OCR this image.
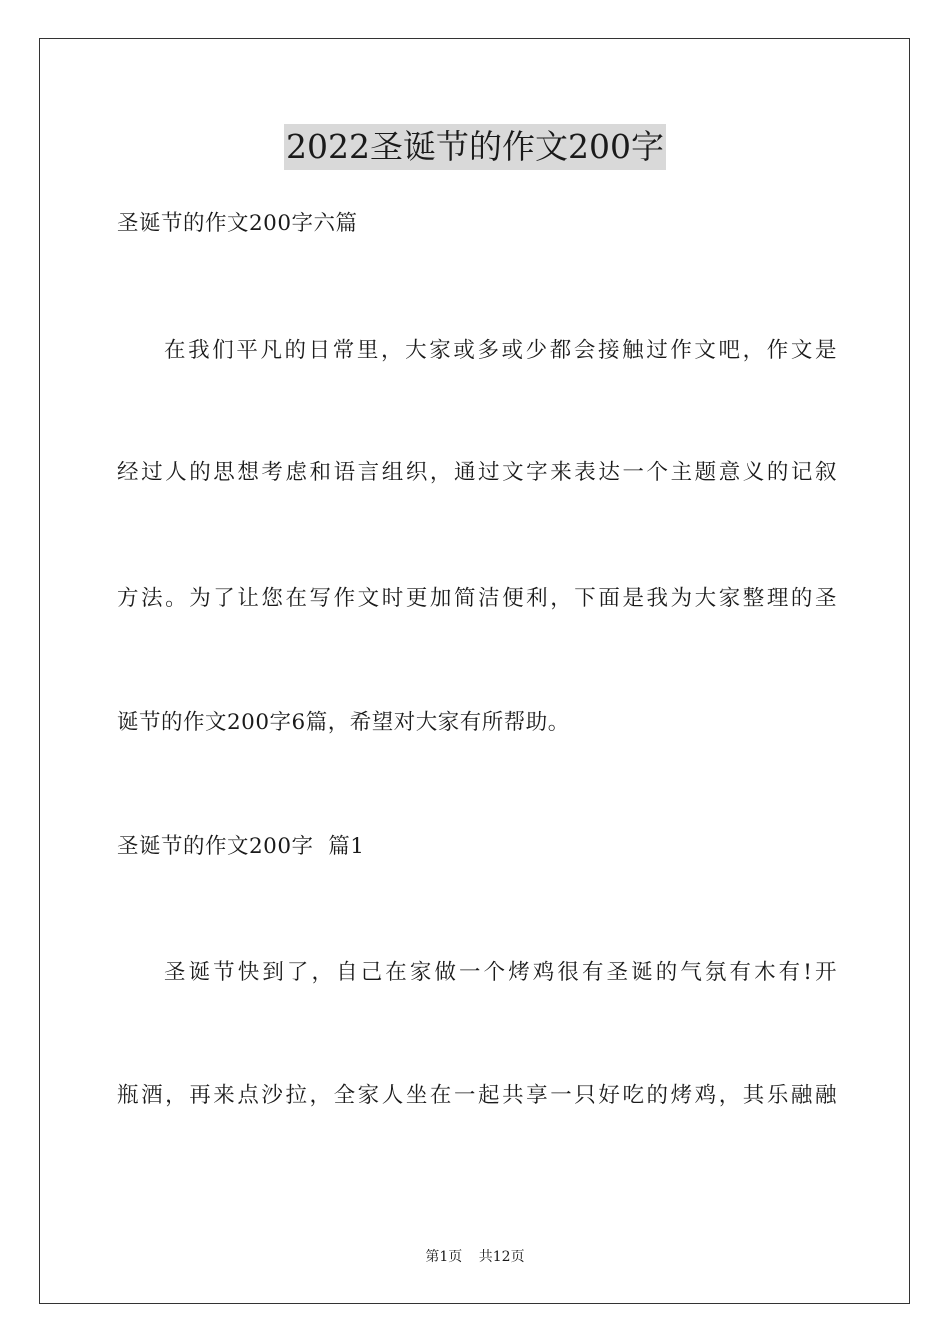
2022圣诞节的作文200字
圣诞节的作文200字六篇
在我们平凡的日常里，大家或多或少都会接触过作文吧，作文是
经过人的思想考虑和语言组织，通过文字来表达一个主题意义的记叙
方法。为了让您在写作文时更加简洁便利，下面是我为大家整理的圣
诞节的作文200字6篇，希望对大家有所帮助。
圣诞节的作文200字  篇1
圣诞节快到了，自己在家做一个烤鸡很有圣诞的气氛有木有!开
瓶酒，再来点沙拉，全家人坐在一起共享一只好吃的烤鸡，其乐融融
第1页 共12页
